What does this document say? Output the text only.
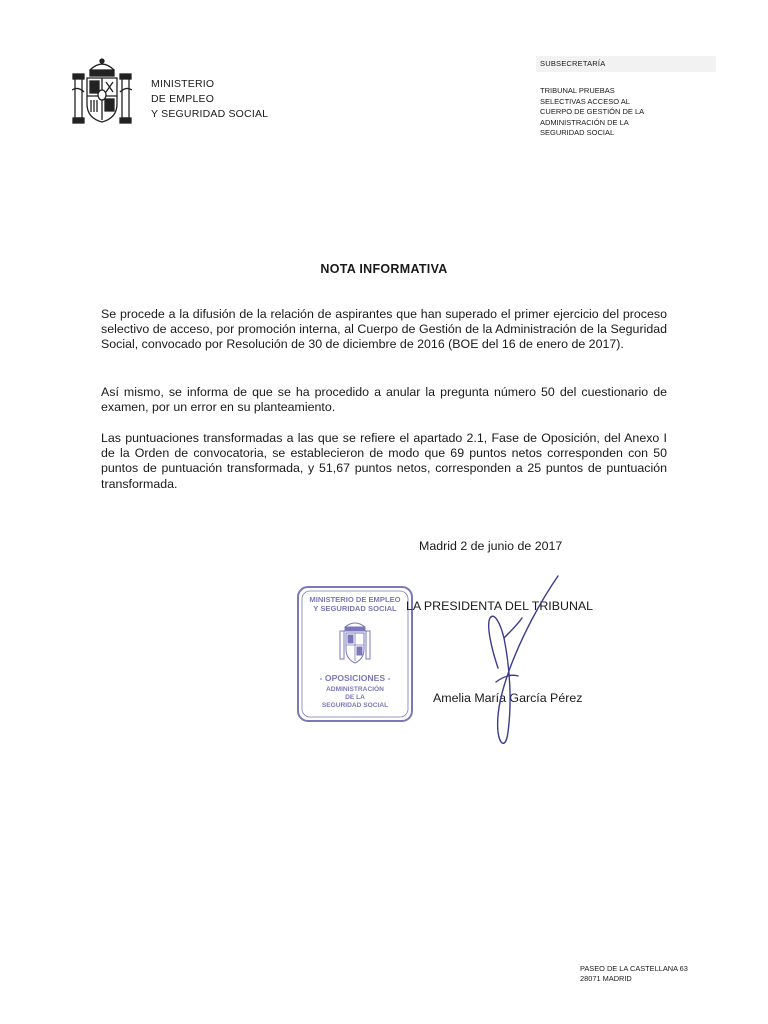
MINISTERIO
DE EMPLEO
Y SEGURIDAD SOCIAL
SUBSECRETARÍA
TRIBUNAL PRUEBAS
SELECTIVAS ACCESO AL
CUERPO DE GESTIÓN DE LA
ADMINISTRACIÓN DE LA
SEGURIDAD SOCIAL
NOTA INFORMATIVA
Se procede a la difusión de la relación de aspirantes que han superado el primer ejercicio del proceso selectivo de acceso, por promoción interna, al Cuerpo de Gestión de la Administración de la Seguridad Social, convocado por Resolución de 30 de diciembre de 2016 (BOE del 16 de enero de 2017).
Así mismo, se informa de que se ha procedido a anular la pregunta número 50 del cuestionario de examen, por un error en su planteamiento.
Las puntuaciones transformadas a las que se refiere el apartado 2.1, Fase de Oposición, del Anexo I de la Orden de convocatoria, se establecieron de modo que 69 puntos netos corresponden con 50 puntos de puntuación transformada, y 51,67 puntos netos, corresponden a 25 puntos de puntuación transformada.
Madrid 2 de junio de 2017
MINISTERIO DE EMPLEO
Y SEGURIDAD SOCIAL
- OPOSICIONES -
ADMINISTRACIÓN
DE LA
SEGURIDAD SOCIAL
LA PRESIDENTA DEL TRIBUNAL
Amelia María García Pérez
PASEO DE LA CASTELLANA 63
28071 MADRID
